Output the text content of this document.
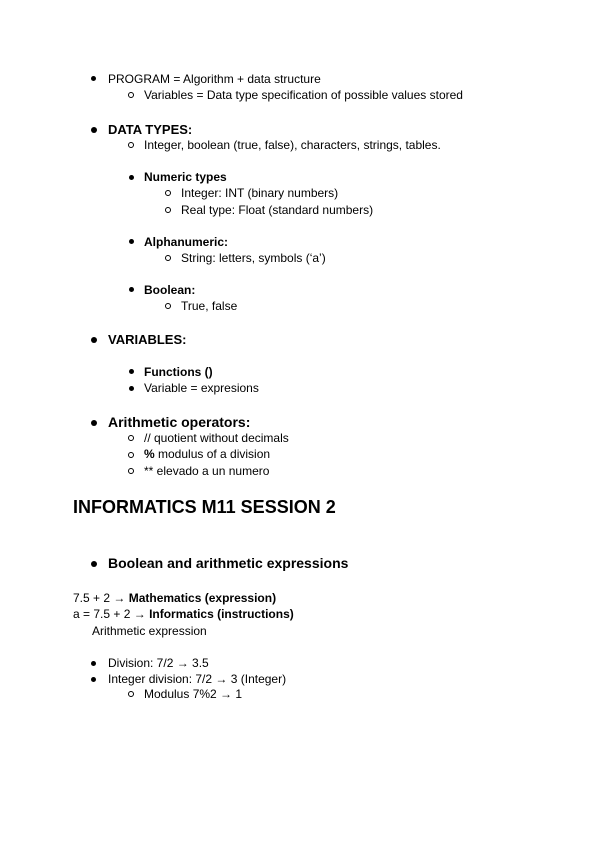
PROGRAM = Algorithm + data structure
Variables = Data type specification of possible values stored
DATA TYPES:
Integer, boolean (true, false), characters, strings, tables.
Numeric types
Integer: INT (binary numbers)
Real type: Float (standard numbers)
Alphanumeric:
String: letters, symbols (‘a’)
Boolean:
True, false
VARIABLES:
Functions ()
Variable = expresions
Arithmetic operators:
// quotient without decimals
% modulus of a division
** elevado a un numero
INFORMATICS M11 SESSION 2
Boolean and arithmetic expressions
7.5 + 2 → Mathematics (expression)
a = 7.5 + 2 → Informatics (instructions)
Arithmetic expression
Division: 7/2 → 3.5
Integer division: 7/2 → 3 (Integer)
Modulus 7%2 → 1
